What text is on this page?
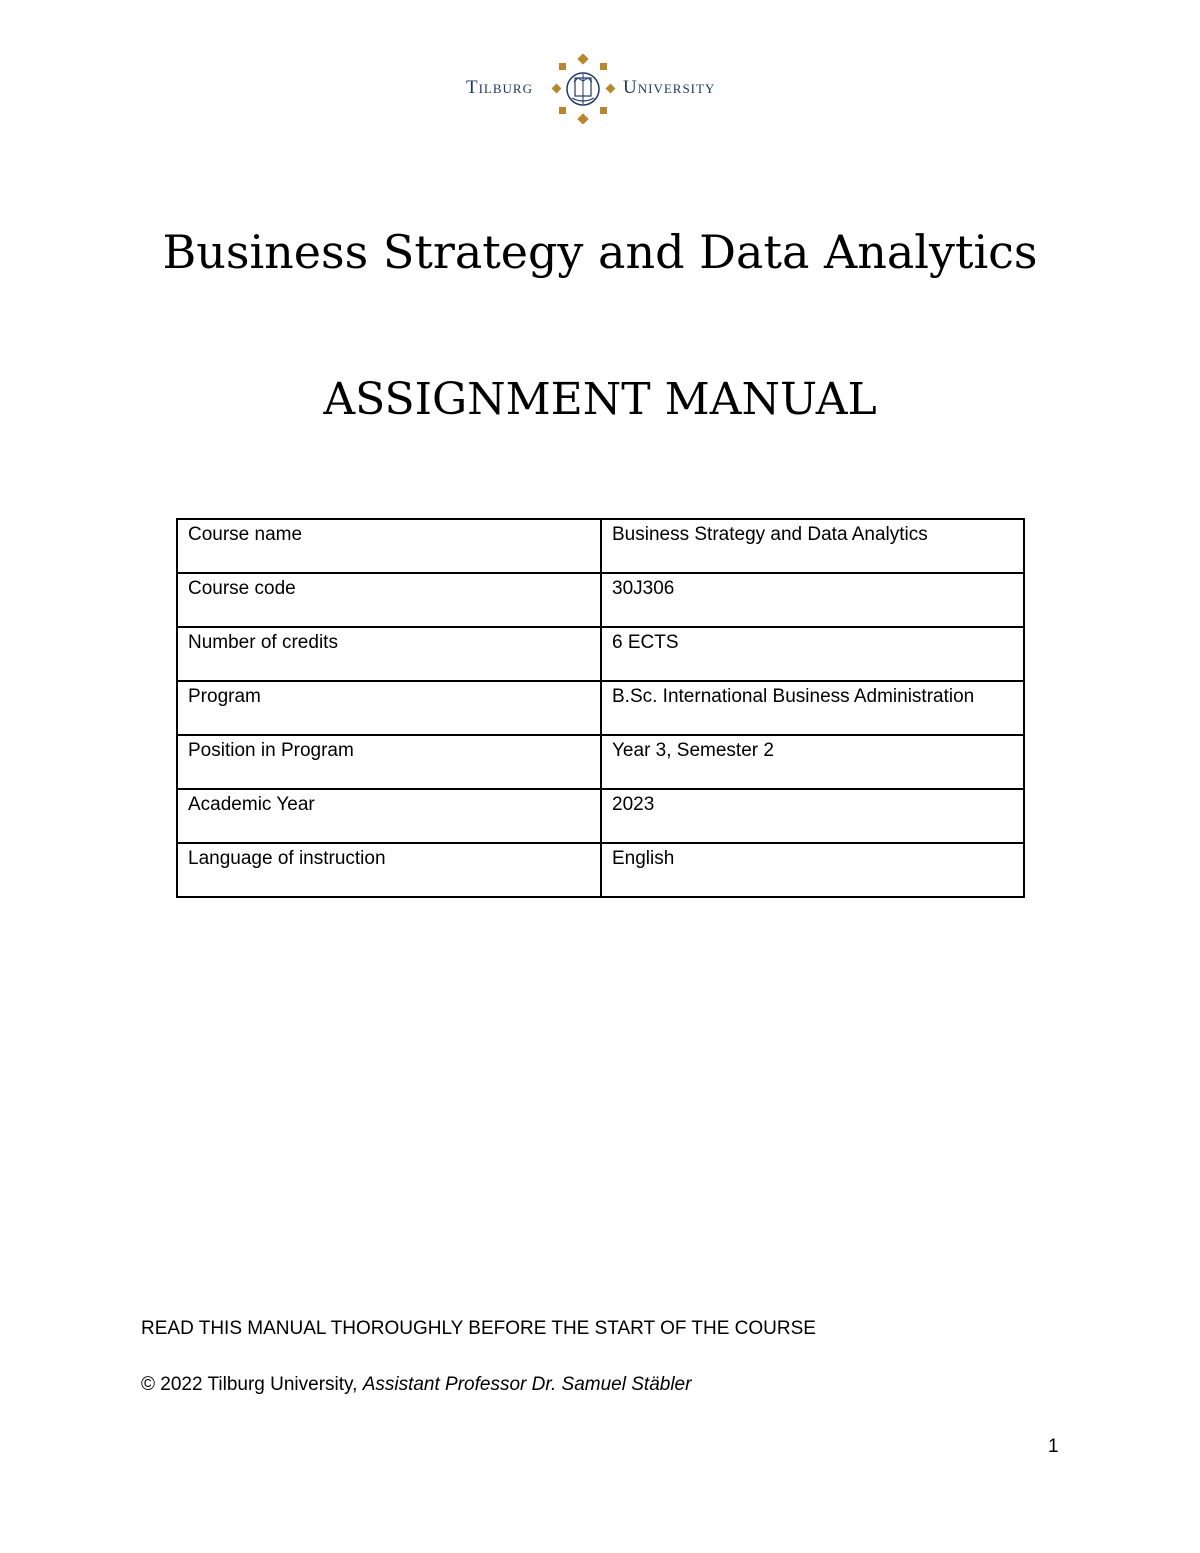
Tilburg	University
Business Strategy and Data Analytics
ASSIGNMENT MANUAL
Course name	Business Strategy and Data Analytics
Course code	30J306
Number of credits	6 ECTS
Program	B.Sc. International Business Administration
Position in Program	Year 3, Semester 2
Academic Year	2023
Language of instruction	English
READ THIS MANUAL THOROUGHLY BEFORE THE START OF THE COURSE
© 2022 Tilburg University, Assistant Professor Dr. Samuel Stäbler
1
